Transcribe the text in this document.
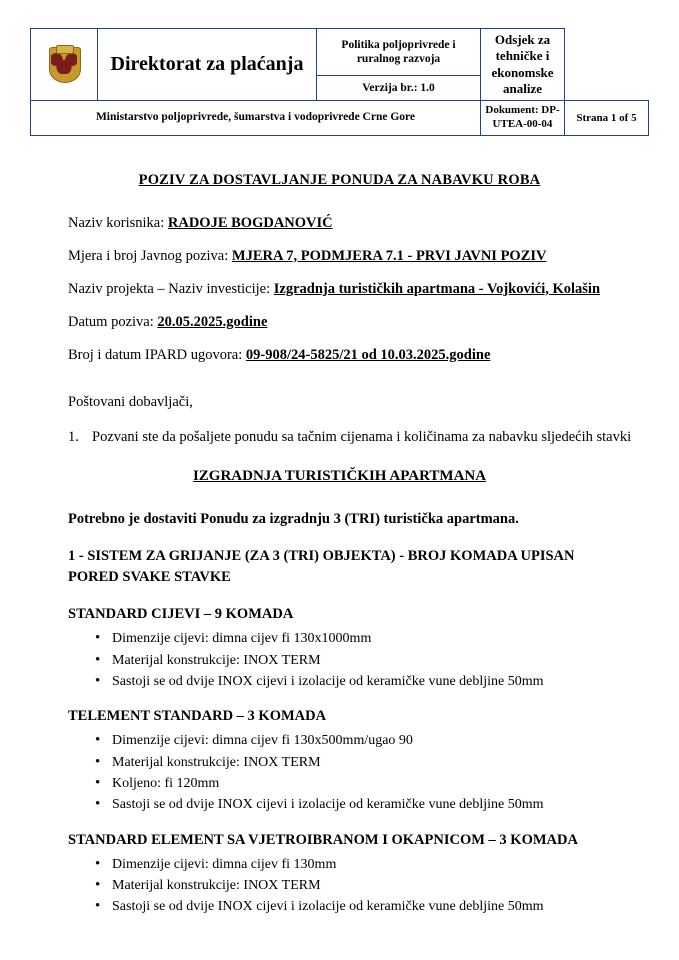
	Direktorat za plaćanja	Politika poljoprivrede i ruralnog razvoja	Odsjek za tehničke i ekonomske analize	
		Verzija br.: 1.0		
Ministarstvo poljoprivrede, šumarstva i vodoprivrede Crne Gore			Dokument: DP-UTEA-00-04	Strana 1 of 5
POZIV ZA DOSTAVLJANJE PONUDA ZA NABAVKU ROBA
Naziv korisnika: RADOJE BOGDANOVIĆ
Mjera i broj Javnog poziva: MJERA 7, PODMJERA 7.1 - PRVI JAVNI POZIV
Naziv projekta – Naziv investicije: Izgradnja turističkih apartmana - Vojkovići, Kolašin
Datum poziva: 20.05.2025.godine
Broj i datum IPARD ugovora: 09-908/24-5825/21 od 10.03.2025.godine
Poštovani dobavljači,
1. Pozvani ste da pošaljete ponudu sa tačnim cijenama i količinama za nabavku sljedećih stavki
IZGRADNJA TURISTIČKIH APARTMANA
Potrebno je dostaviti Ponudu za izgradnju 3 (TRI) turistička apartmana.
1 - SISTEM ZA GRIJANJE (ZA 3 (TRI) OBJEKTA) - BROJ KOMADA UPISAN PORED SVAKE STAVKE
STANDARD CIJEVI – 9 KOMADA
• Dimenzije cijevi: dimna cijev fi 130x1000mm
• Materijal konstrukcije: INOX TERM
• Sastoji se od dvije INOX cijevi i izolacije od keramičke vune debljine 50mm
TELEMENT STANDARD – 3 KOMADA
• Dimenzije cijevi: dimna cijev fi 130x500mm/ugao 90
• Materijal konstrukcije: INOX TERM
• Koljeno: fi 120mm
• Sastoji se od dvije INOX cijevi i izolacije od keramičke vune debljine 50mm
STANDARD ELEMENT SA VJETROIBRANOM I OKAPNICOM – 3 KOMADA
• Dimenzije cijevi: dimna cijev fi 130mm
• Materijal konstrukcije: INOX TERM
• Sastoji se od dvije INOX cijevi i izolacije od keramičke vune debljine 50mm
